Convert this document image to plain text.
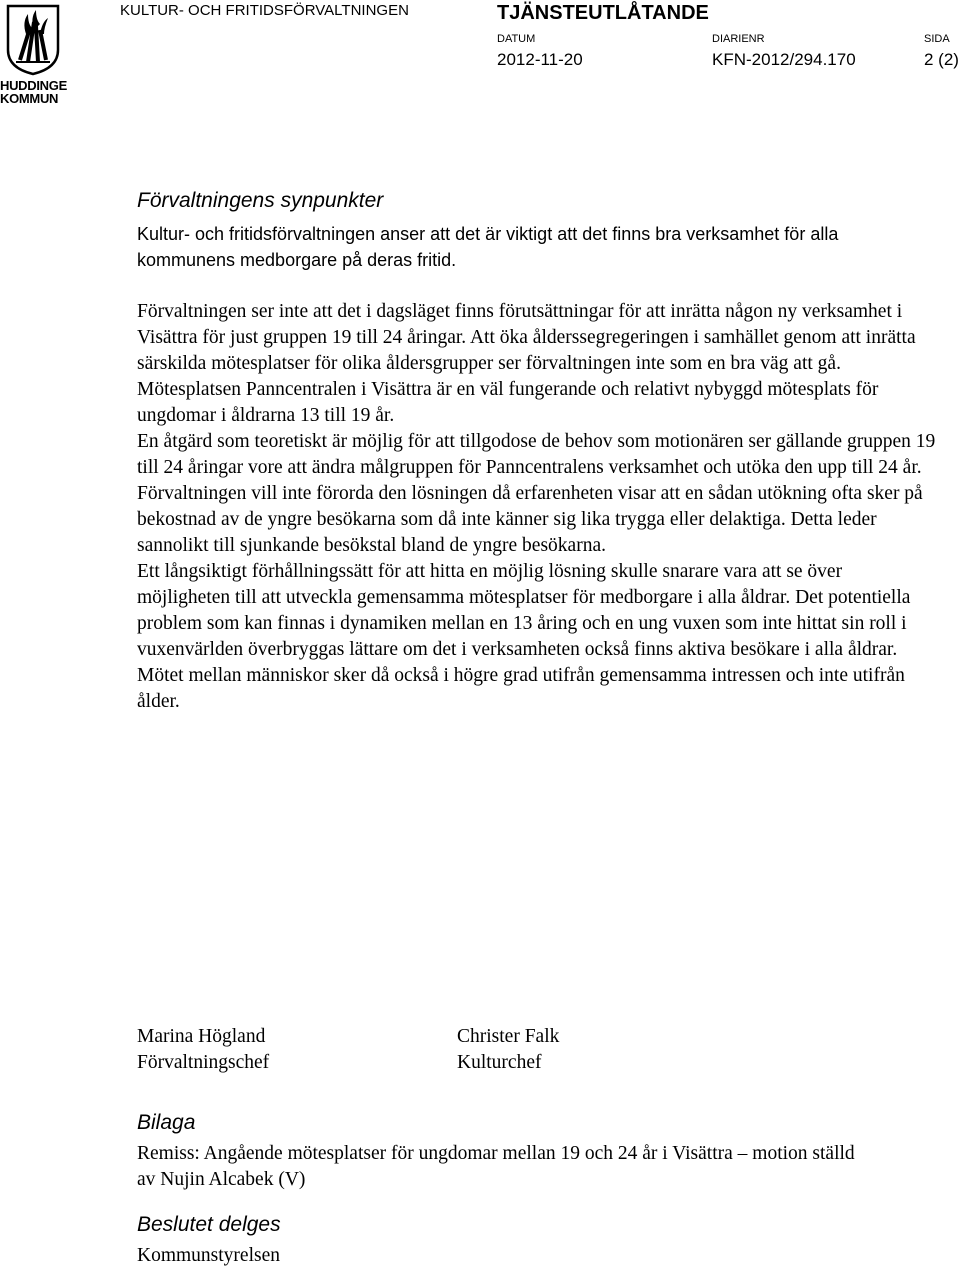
HUDDINGE
KOMMUN
KULTUR- OCH FRITIDSFÖRVALTNINGEN	TJÄNSTEUTLÅTANDE
DATUM
2012-11-20
DIARIENR
KFN-2012/294.170
SIDA
2 (2)
Förvaltningens synpunkter

Kultur- och fritidsförvaltningen anser att det är viktigt att det finns bra verksamhet för alla kommunens medborgare på deras fritid.

Förvaltningen ser inte att det i dagsläget finns förutsättningar för att inrätta någon ny verksamhet i Visättra för just gruppen 19 till 24 åringar. Att öka ålderssegregeringen i samhället genom att inrätta särskilda mötesplatser för olika åldersgrupper ser förvaltningen inte som en bra väg att gå. Mötesplatsen Panncentralen i Visättra är en väl fungerande och relativt nybyggd mötesplats för ungdomar i åldrarna 13 till 19 år.

En åtgärd som teoretiskt är möjlig för att tillgodose de behov som motionären ser gällande gruppen 19 till 24 åringar vore att ändra målgruppen för Panncentralens verksamhet och utöka den upp till 24 år. Förvaltningen vill inte förorda den lösningen då erfarenheten visar att en sådan utökning ofta sker på bekostnad av de yngre besökarna som då inte känner sig lika trygga eller delaktiga. Detta leder sannolikt till sjunkande besökstal bland de yngre besökarna.

Ett långsiktigt förhållningssätt för att hitta en möjlig lösning skulle snarare vara att se över möjligheten till att utveckla gemensamma mötesplatser för medborgare i alla åldrar. Det potentiella problem som kan finnas i dynamiken mellan en 13 åring och en ung vuxen som inte hittat sin roll i vuxenvärlden överbryggas lättare om det i verksamheten också finns aktiva besökare i alla åldrar. Mötet mellan människor sker då också i högre grad utifrån gemensamma intressen och inte utifrån ålder.

Marina Högland
Förvaltningschef
Christer Falk
Kulturchef
Bilaga

Remiss: Angående mötesplatser för ungdomar mellan 19 och 24 år i Visättra – motion ställd av Nujin Alcabek (V)

Beslutet delges

Kommunstyrelsen
